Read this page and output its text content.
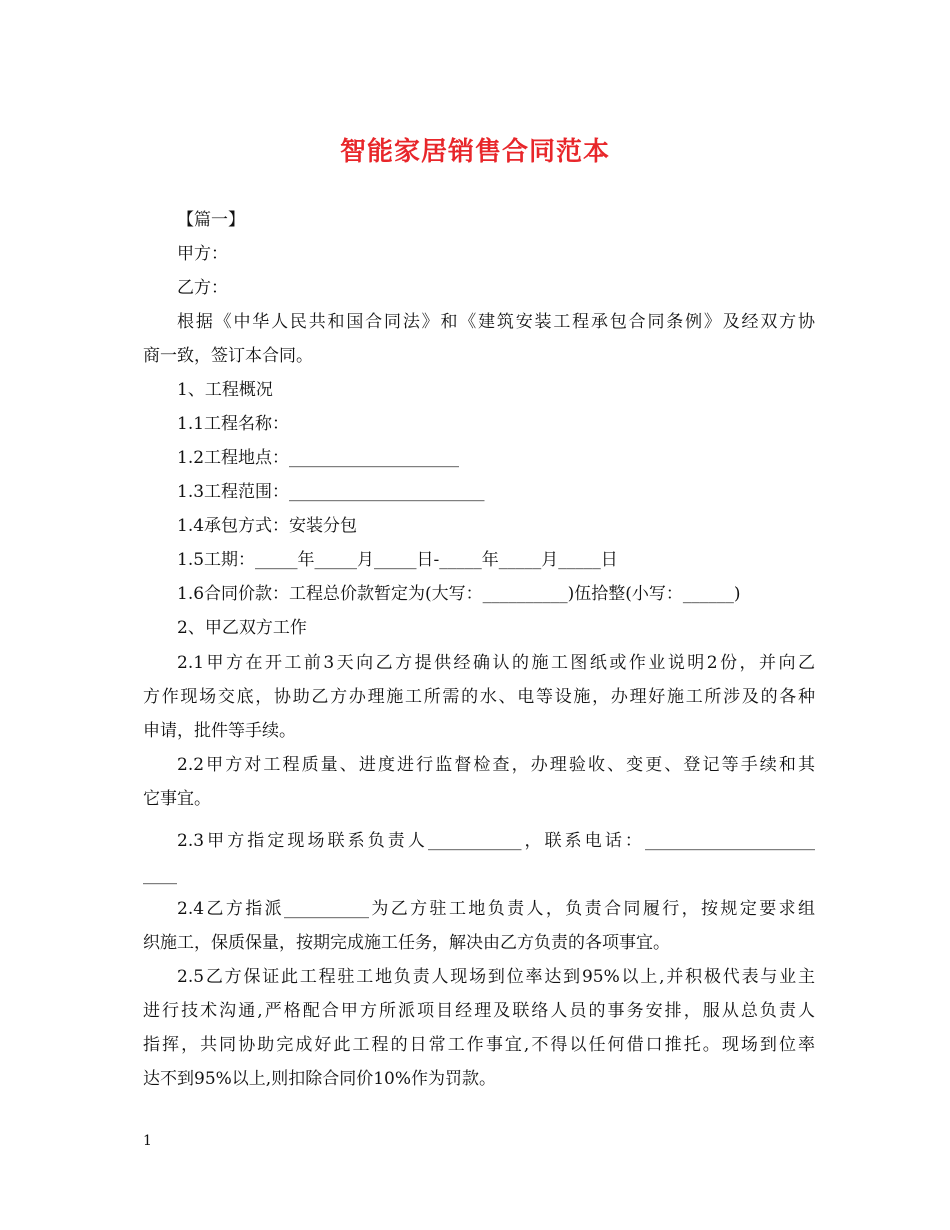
智能家居销售合同范本
【篇一】
甲方：
乙方：
根据《中华人民共和国合同法》和《建筑安装工程承包合同条例》及经双方协
商一致，签订本合同。
1、工程概况
1.1工程名称：
1.2工程地点：____________________
1.3工程范围：_______________________
1.4承包方式：安装分包
1.5工期：_____年_____月_____日-_____年_____月_____日
1.6合同价款：工程总价款暂定为(大写：__________)伍拾整(小写：______)
2、甲乙双方工作
2.1甲方在开工前3天向乙方提供经确认的施工图纸或作业说明2份，并向乙
方作现场交底，协助乙方办理施工所需的水、电等设施，办理好施工所涉及的各种
申请，批件等手续。
2.2甲方对工程质量、进度进行监督检查，办理验收、变更、登记等手续和其
它事宜。
2.3甲方指定现场联系负责人___________，联系电话：____________________
____
2.4乙方指派__________为乙方驻工地负责人，负责合同履行，按规定要求组
织施工，保质保量，按期完成施工任务，解决由乙方负责的各项事宜。
2.5乙方保证此工程驻工地负责人现场到位率达到95%以上,并积极代表与业主
进行技术沟通,严格配合甲方所派项目经理及联络人员的事务安排，服从总负责人
指挥，共同协助完成好此工程的日常工作事宜,不得以任何借口推托。现场到位率
达不到95%以上,则扣除合同价10%作为罚款。
1
